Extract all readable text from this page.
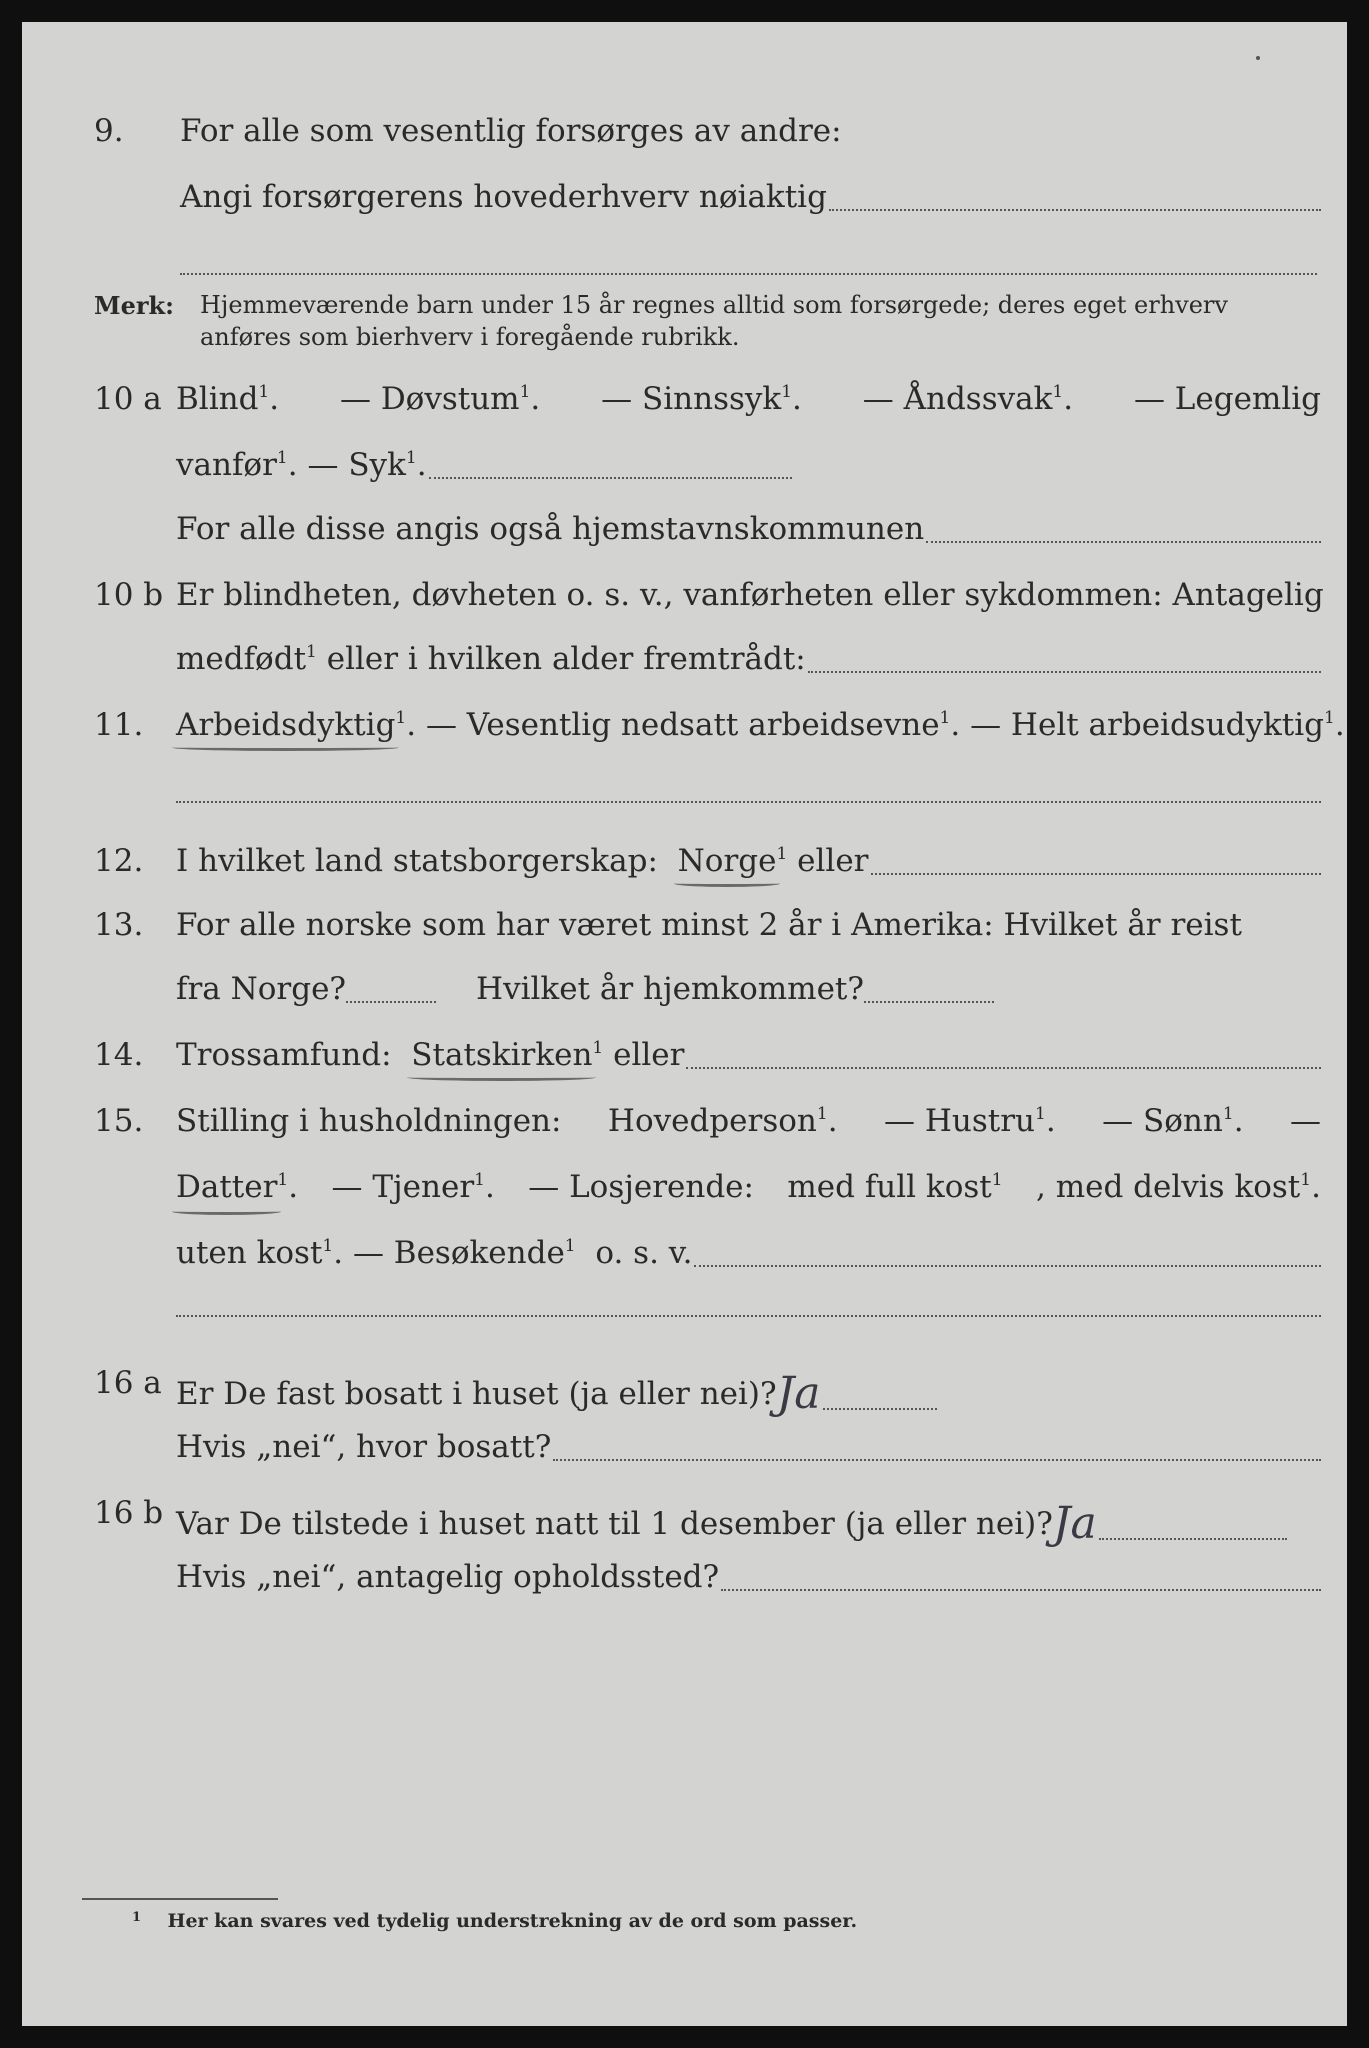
9. For alle som vesentlig forsørges av andre:
Angi forsørgerens hovederhverv nøiaktig
Merk: Hjemmeværende barn under 15 år regnes alltid som forsørgede; deres eget erhverv
anføres som bierhverv i foregående rubrikk.
10 a Blind$^1$. — Døvstum$^1$. — Sinnssyk$^1$. — Åndssvak$^1$. — Legemlig
vanfør 1 .
— Syk 1 .
For alle disse angis også hjemstavnskommunen
10 b Er blindheten, døvheten o. s. v., vanførheten eller sykdommen: Antagelig
medfødt 1
eller i hvilken alder fremtrådt:
11. Arbeidsdyktig 1 . — Vesentlig nedsatt arbeidsevne 1 . — Helt arbeidsudyktig 1 .
12. I hvilket land statsborgerskap:
Norge 1
eller
13. For alle norske som har været minst 2 år i Amerika: Hvilket år reist
fra Norge?	Hvilket år hjemkommet?
14. Trossamfund:
Statskirken 1
eller
15. Stilling i husholdningen: Hovedperson$^1$. — Hustru$^1$. — Sønn$^1$. —
Datter$^1$. — Tjener$^1$. — Losjerende: med full kost$^1$ , med delvis kost$^1$.
uten kost 1 .
— Besøkende 1
o. s. v.
16 a Er De fast bosatt i huset (ja eller nei)? Ja
Hvis „nei“, hvor bosatt?
16 b Var De tilstede i huset natt til 1 desember (ja eller nei)? Ja
Hvis „nei“, antagelig opholdssted?
$^1$ Her kan svares ved tydelig understrekning av de ord som passer.
